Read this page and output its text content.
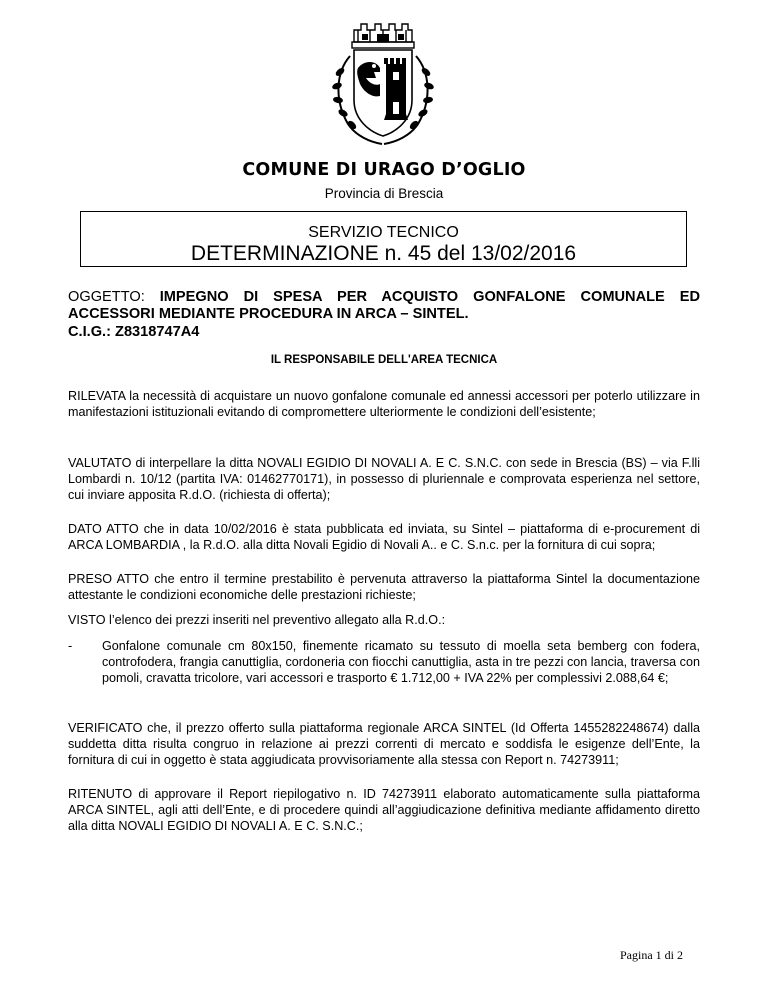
COMUNE DI URAGO D’OGLIO
Provincia di Brescia
SERVIZIO TECNICO
DETERMINAZIONE n. 45 del 13/02/2016
OGGETTO: IMPEGNO DI SPESA PER ACQUISTO GONFALONE COMUNALE ED ACCESSORI MEDIANTE PROCEDURA IN ARCA – SINTEL.
C.I.G.: Z8318747A4
IL RESPONSABILE DELL'AREA TECNICA
RILEVATA la necessità di acquistare un nuovo gonfalone comunale ed annessi accessori per poterlo utilizzare in manifestazioni istituzionali evitando di compromettere ulteriormente le condizioni dell’esistente;
VALUTATO di interpellare la ditta NOVALI EGIDIO DI NOVALI A. E C. S.N.C. con sede in Brescia (BS) – via F.lli Lombardi n. 10/12 (partita IVA: 01462770171), in possesso di pluriennale e comprovata esperienza nel settore, cui inviare apposita R.d.O. (richiesta di offerta);
DATO ATTO che in data 10/02/2016 è stata pubblicata ed inviata, su Sintel – piattaforma di e-procurement di ARCA LOMBARDIA , la R.d.O. alla ditta Novali Egidio di Novali A.. e C. S.n.c. per la fornitura di cui sopra;
PRESO ATTO che entro il termine prestabilito è pervenuta attraverso la piattaforma Sintel la documentazione attestante le condizioni economiche delle prestazioni richieste;
VISTO l’elenco dei prezzi inseriti nel preventivo allegato alla R.d.O.:
- Gonfalone comunale cm 80x150, finemente ricamato su tessuto di moella seta bemberg con fodera, controfodera, frangia canuttiglia, cordoneria con fiocchi canuttiglia, asta in tre pezzi con lancia, traversa con pomoli, cravatta tricolore, vari accessori e trasporto € 1.712,00 + IVA 22% per complessivi 2.088,64 €;
VERIFICATO che, il prezzo offerto sulla piattaforma regionale ARCA SINTEL (Id Offerta 1455282248674) dalla suddetta ditta risulta congruo in relazione ai prezzi correnti di mercato e soddisfa le esigenze dell’Ente, la fornitura di cui in oggetto è stata aggiudicata provvisoriamente alla stessa con Report n. 74273911;
RITENUTO di approvare il Report riepilogativo n. ID 74273911 elaborato automaticamente sulla piattaforma ARCA SINTEL, agli atti dell’Ente, e di procedere quindi all’aggiudicazione definitiva mediante affidamento diretto alla ditta NOVALI EGIDIO DI NOVALI A. E C. S.N.C.;
Pagina 1 di 2
